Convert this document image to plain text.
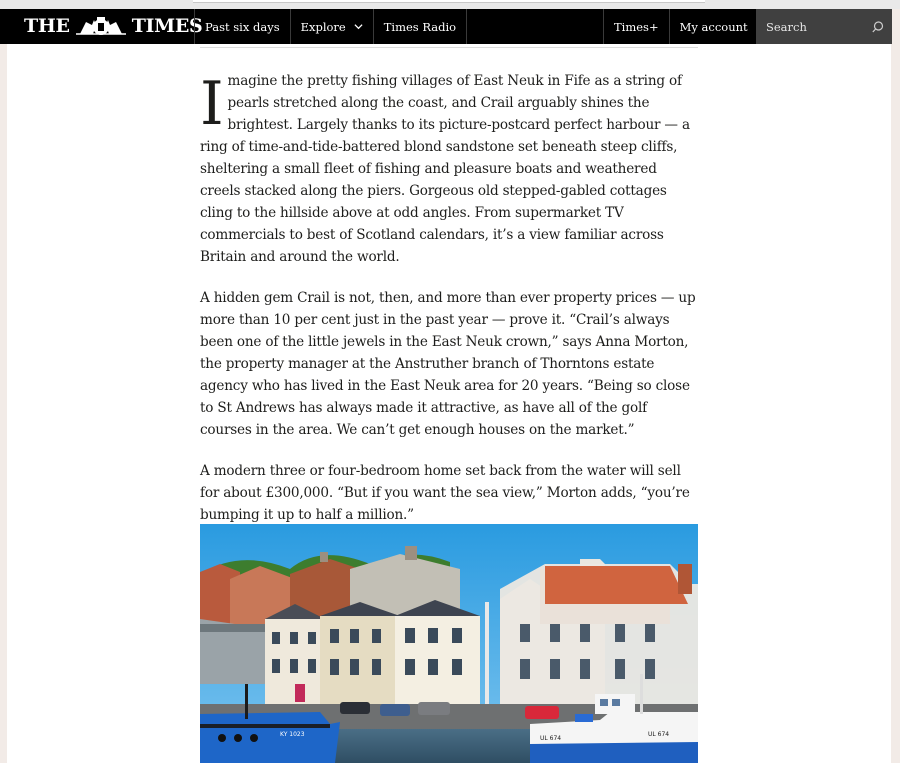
THE	TIMES Past six days Explore	Times Radio	Times+ My account
Search

Imagine the pretty fishing villages of East Neuk in Fife as a string of pearls stretched along the coast, and Crail arguably shines the brightest. Largely thanks to its picture-postcard perfect harbour — a ring of time-and-tide-battered blond sandstone set beneath steep cliffs, sheltering a small fleet of fishing and pleasure boats and weathered creels stacked along the piers. Gorgeous old stepped-gabled cottages cling to the hillside above at odd angles. From supermarket TV commercials to best of Scotland calendars, it’s a view familiar across Britain and around the world.

A hidden gem Crail is not, then, and more than ever property prices — up more than 10 per cent just in the past year — prove it. “Crail’s always been one of the little jewels in the East Neuk crown,” says Anna Morton, the property manager at the Anstruther branch of Thorntons estate agency who has lived in the East Neuk area for 20 years. “Being so close to St Andrews has always made it attractive, as have all of the golf courses in the area. We can’t get enough houses on the market.”

A modern three or four-bedroom home set back from the water will sell for about £300,000. “But if you want the sea view,” Morton adds, “you’re bumping it up to half a million.”

KY 1023
UL 674
UL 674
